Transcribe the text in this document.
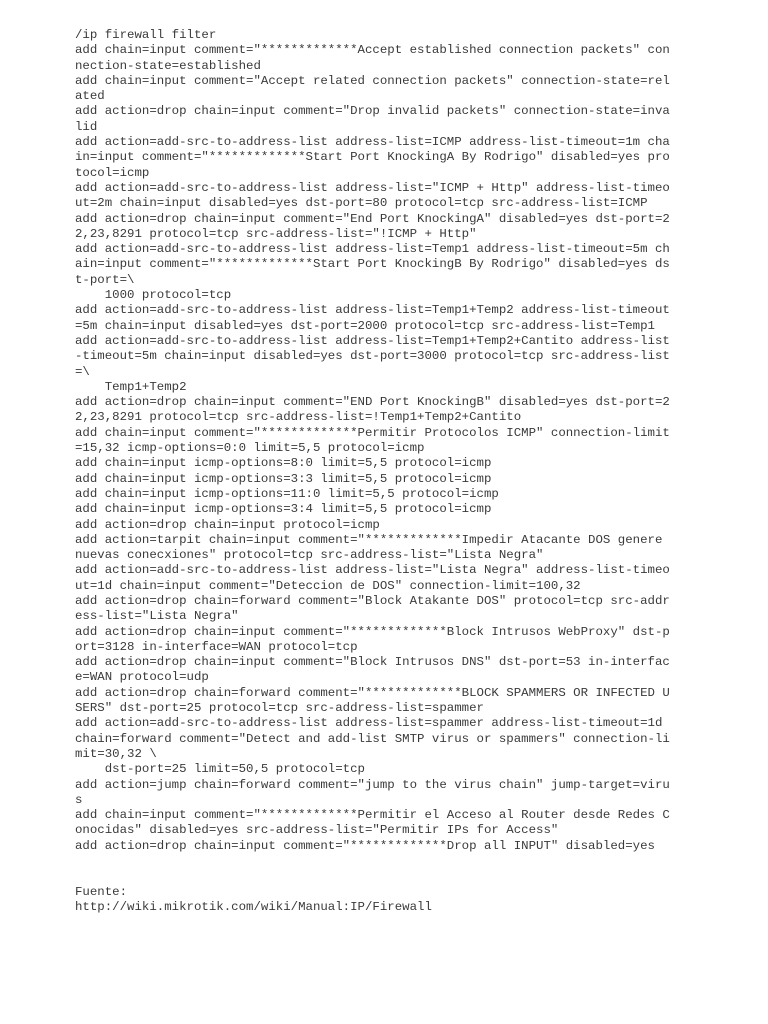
/ip firewall filter
add chain=input comment="*************Accept established connection packets" con
nection-state=established
add chain=input comment="Accept related connection packets" connection-state=rel
ated
add action=drop chain=input comment="Drop invalid packets" connection-state=inva
lid
add action=add-src-to-address-list address-list=ICMP address-list-timeout=1m cha
in=input comment="*************Start Port KnockingA By Rodrigo" disabled=yes pro
tocol=icmp
add action=add-src-to-address-list address-list="ICMP + Http" address-list-timeo
ut=2m chain=input disabled=yes dst-port=80 protocol=tcp src-address-list=ICMP
add action=drop chain=input comment="End Port KnockingA" disabled=yes dst-port=2
2,23,8291 protocol=tcp src-address-list="!ICMP + Http"
add action=add-src-to-address-list address-list=Temp1 address-list-timeout=5m ch
ain=input comment="*************Start Port KnockingB By Rodrigo" disabled=yes ds
t-port=\
1000 protocol=tcp
add action=add-src-to-address-list address-list=Temp1+Temp2 address-list-timeout
=5m chain=input disabled=yes dst-port=2000 protocol=tcp src-address-list=Temp1
add action=add-src-to-address-list address-list=Temp1+Temp2+Cantito address-list
-timeout=5m chain=input disabled=yes dst-port=3000 protocol=tcp src-address-list
=\
Temp1+Temp2
add action=drop chain=input comment="END Port KnockingB" disabled=yes dst-port=2
2,23,8291 protocol=tcp src-address-list=!Temp1+Temp2+Cantito
add chain=input comment="*************Permitir Protocolos ICMP" connection-limit
=15,32 icmp-options=0:0 limit=5,5 protocol=icmp
add chain=input icmp-options=8:0 limit=5,5 protocol=icmp
add chain=input icmp-options=3:3 limit=5,5 protocol=icmp
add chain=input icmp-options=11:0 limit=5,5 protocol=icmp
add chain=input icmp-options=3:4 limit=5,5 protocol=icmp
add action=drop chain=input protocol=icmp
add action=tarpit chain=input comment="*************Impedir Atacante DOS genere
nuevas conecxiones" protocol=tcp src-address-list="Lista Negra"
add action=add-src-to-address-list address-list="Lista Negra" address-list-timeo
ut=1d chain=input comment="Deteccion de DOS" connection-limit=100,32
add action=drop chain=forward comment="Block Atakante DOS" protocol=tcp src-addr
ess-list="Lista Negra"
add action=drop chain=input comment="*************Block Intrusos WebProxy" dst-p
ort=3128 in-interface=WAN protocol=tcp
add action=drop chain=input comment="Block Intrusos DNS" dst-port=53 in-interfac
e=WAN protocol=udp
add action=drop chain=forward comment="*************BLOCK SPAMMERS OR INFECTED U
SERS" dst-port=25 protocol=tcp src-address-list=spammer
add action=add-src-to-address-list address-list=spammer address-list-timeout=1d
chain=forward comment="Detect and add-list SMTP virus or spammers" connection-li
mit=30,32 \
dst-port=25 limit=50,5 protocol=tcp
add action=jump chain=forward comment="jump to the virus chain" jump-target=viru
s
add chain=input comment="*************Permitir el Acceso al Router desde Redes C
onocidas" disabled=yes src-address-list="Permitir IPs for Access"
add action=drop chain=input comment="*************Drop all INPUT" disabled=yes
Fuente:
http://wiki.mikrotik.com/wiki/Manual:IP/Firewall
